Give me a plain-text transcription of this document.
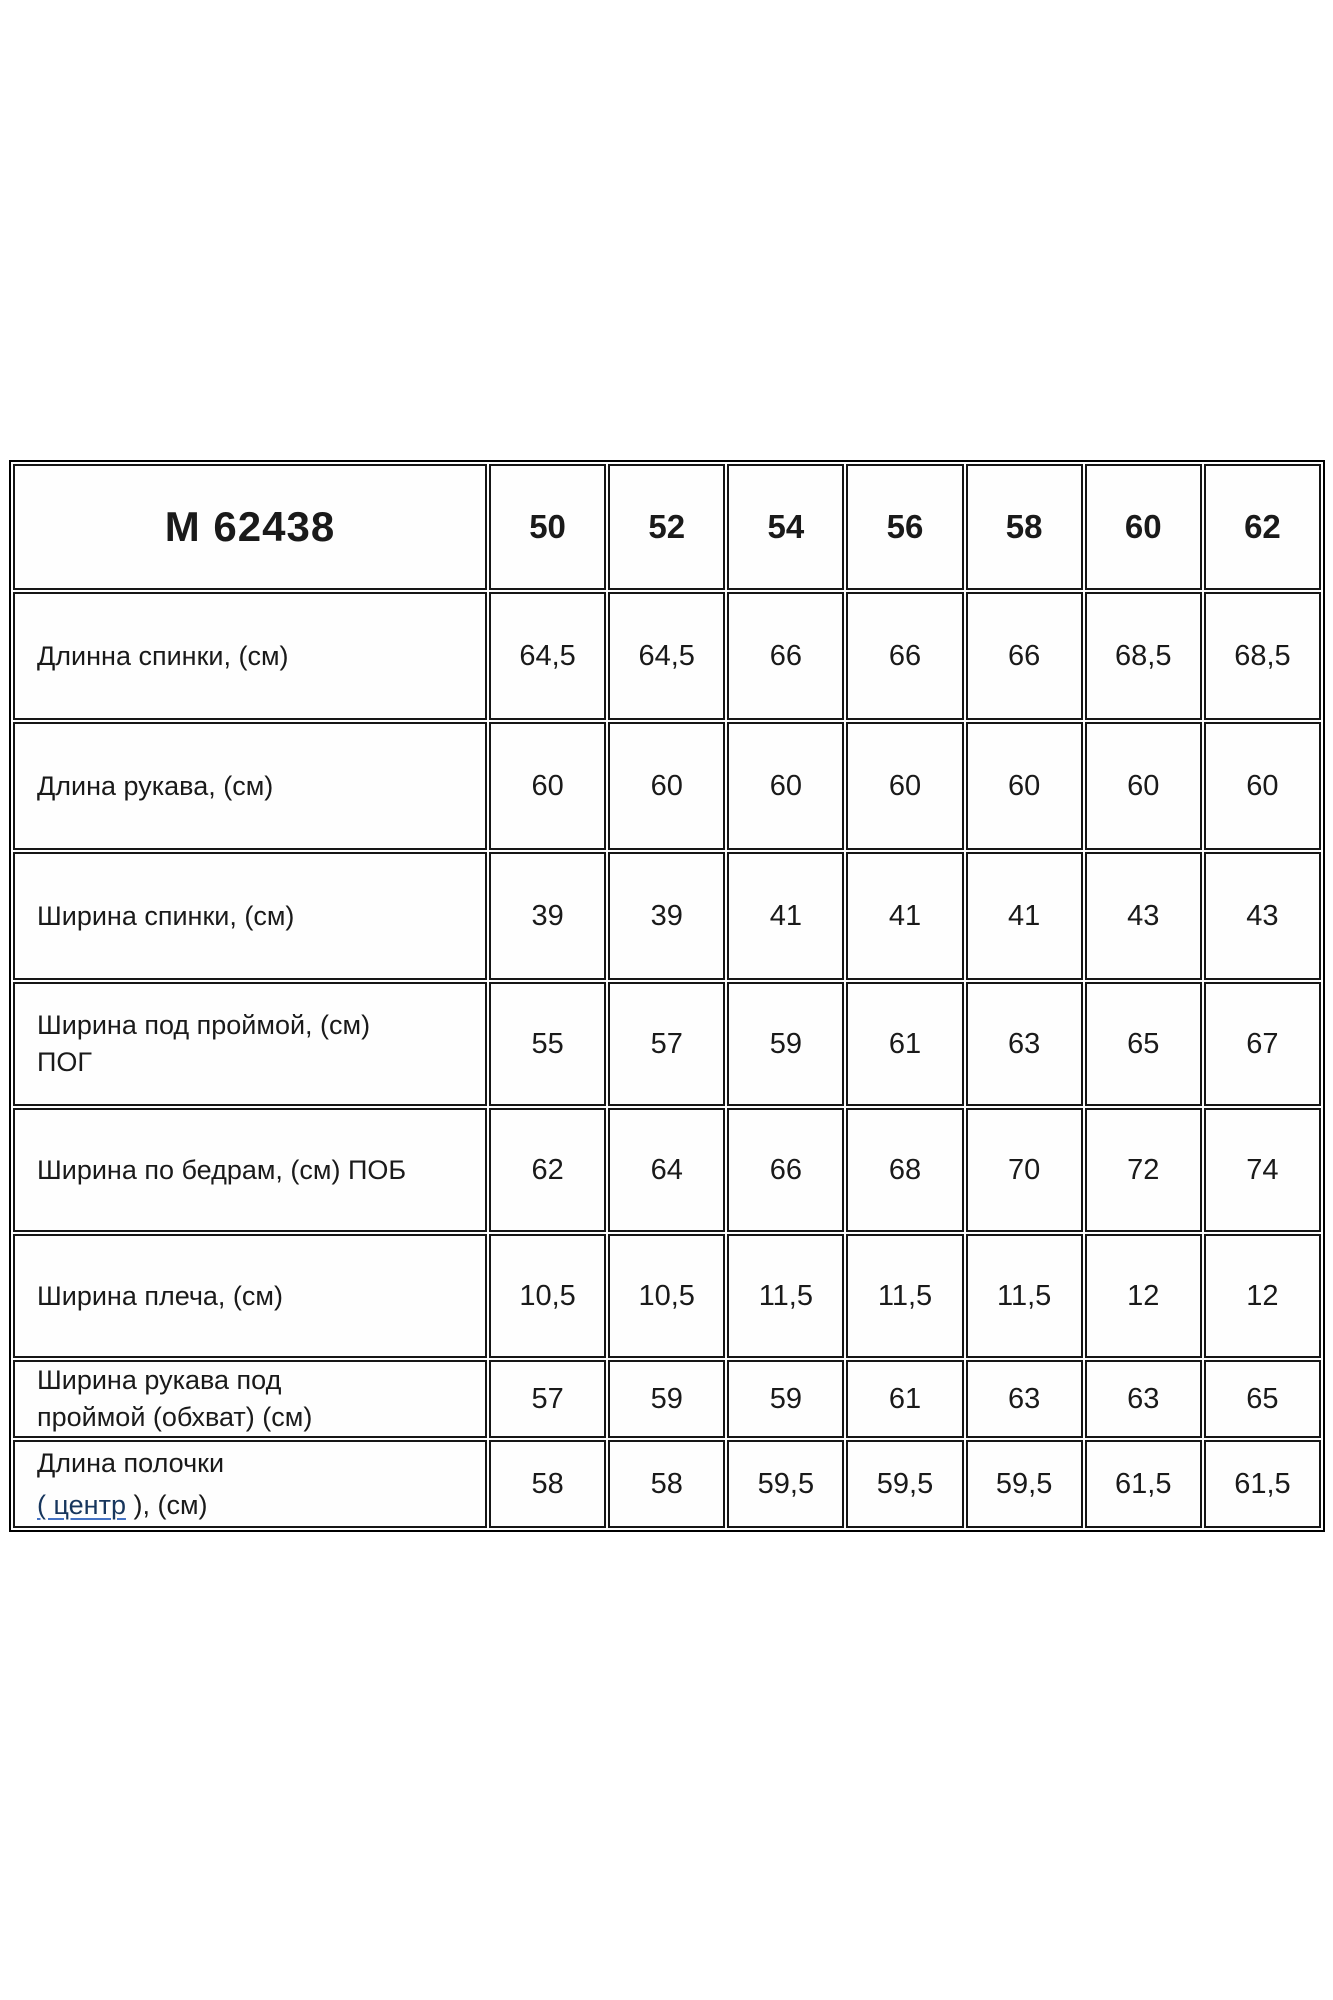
M 62438	50	52	54	56	58	60	62
Длинна спинки, (см)	64,5	64,5	66	66	66	68,5	68,5
Длина рукава, (см)	60	60	60	60	60	60	60
Ширина спинки, (см)	39	39	41	41	41	43	43

Ширина под проймой, (см)
ПОГ	55	57	59	61	63	65	67
Ширина по бедрам, (см) ПОБ	62	64	66	68	70	72	74
Ширина плеча, (см)	10,5	10,5	11,5	11,5	11,5	12	12

Ширина рукава под
проймой (обхват) (см)	57	59	59	61	63	63	65

Длина полочки
( центр ), (см)	58	58	59,5	59,5	59,5	61,5	61,5
